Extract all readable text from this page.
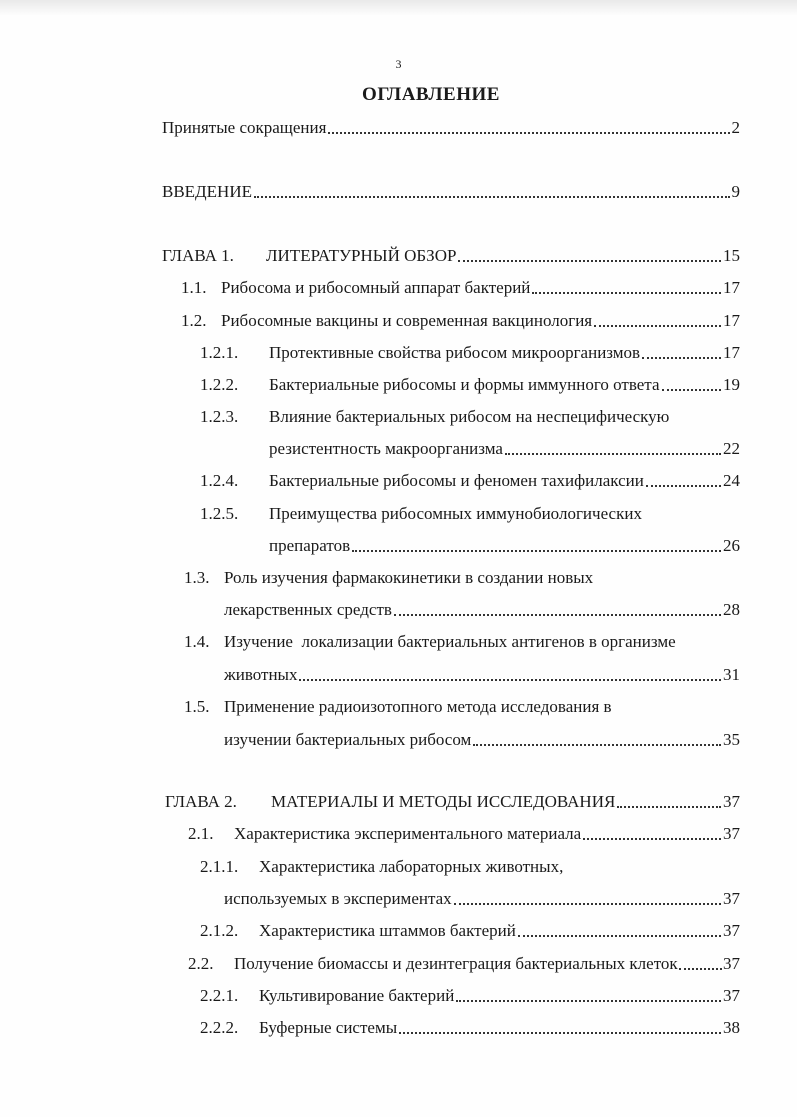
3
ОГЛАВЛЕНИЕ
Принятые сокращения	2
ВВЕДЕНИЕ	9
ГЛАВА 1.	ЛИТЕРАТУРНЫЙ ОБЗОР	15
1.1. Рибосома и рибосомный аппарат бактерий	17
1.2. Рибосомные вакцины и современная вакцинология	17
1.2.1.	Протективные свойства рибосом микроорганизмов	17
1.2.2.	Бактериальные рибосомы и формы иммунного ответа	19
1.2.3.	Влияние бактериальных рибосом на неспецифическую
резистентность макроорганизма	22
1.2.4.	Бактериальные рибосомы и феномен тахифилаксии	24
1.2.5.	Преимущества рибосомных иммунобиологических
препаратов	26
1.3. Роль изучения фармакокинетики в создании новых
лекарственных средств	28
1.4. Изучение  локализации бактериальных антигенов в организме
животных	31
1.5. Применение радиоизотопного метода исследования в
изучении бактериальных рибосом	35
ГЛАВА 2.	МАТЕРИАЛЫ И МЕТОДЫ ИССЛЕДОВАНИЯ	37
2.1.	Характеристика экспериментального материала	37
2.1.1.	Характеристика лабораторных животных,
используемых в экспериментах	37
2.1.2.	Характеристика штаммов бактерий	37
2.2.	Получение биомассы и дезинтеграция бактериальных клеток	37
2.2.1.	Культивирование бактерий	37
2.2.2.	Буферные системы	38
